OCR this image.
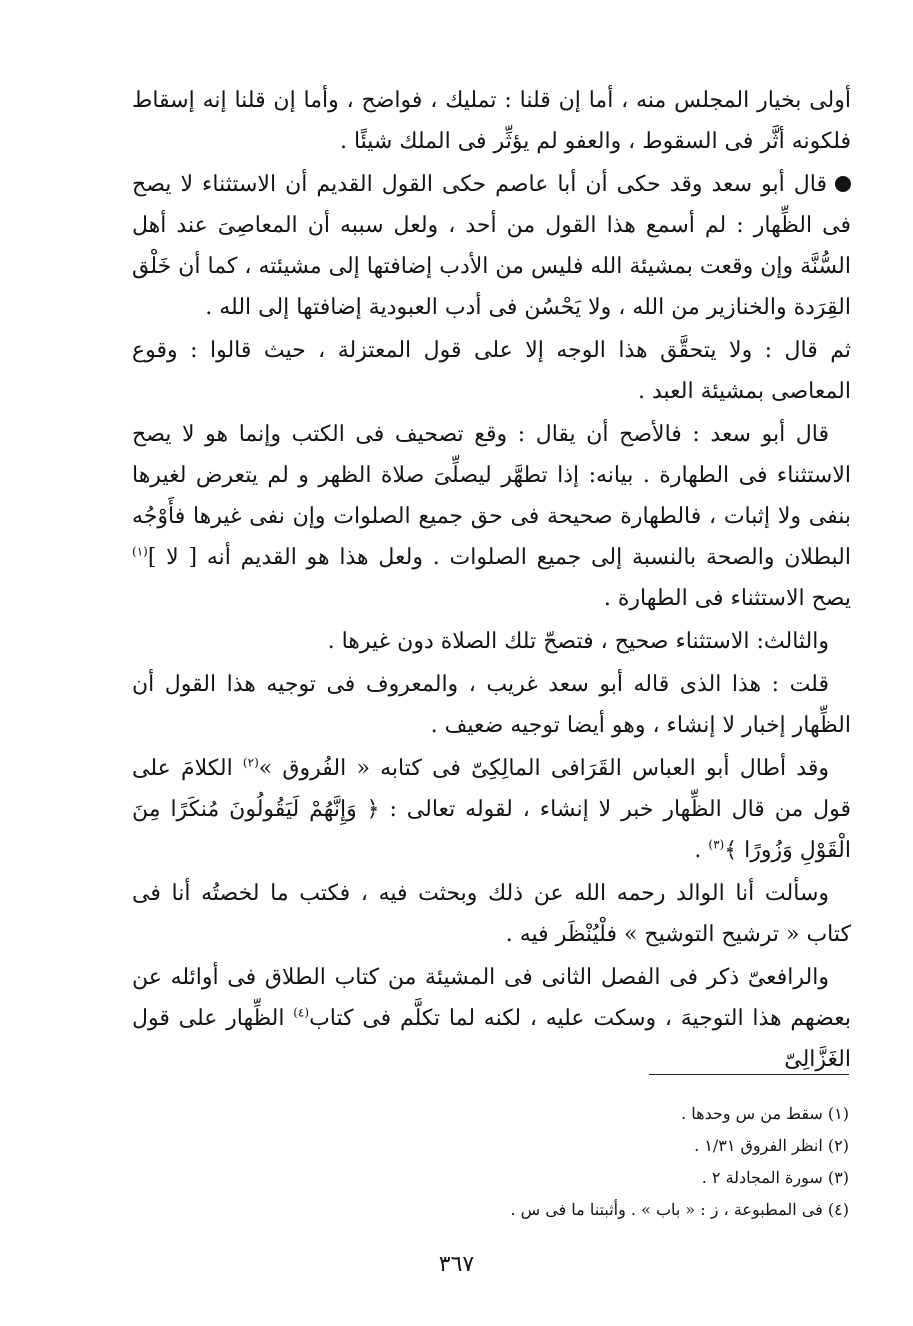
أولى بخيار المجلس منه ، أما إن قلنا : تمليك ، فواضح ، وأما إن قلنا إنه إسقاط فلكونه أثَّر فى السقوط ، والعفو لم يؤثِّر فى الملك شيئًا .

قال أبو سعد وقد حكى أن أبا عاصم حكى القول القديم أن الاستثناء لا يصح فى الظِّهار : لم أسمع هذا القول من أحد ، ولعل سببه أن المعاصِىَ عند أهل السُّنَّة وإن وقعت بمشيئة الله فليس من الأدب إضافتها إلى مشيئته ، كما أن خَلْق القِرَدة والخنازير من الله ، ولا يَحْسُن فى أدب العبودية إضافتها إلى الله .

ثم قال : ولا يتحقَّق هذا الوجه إلا على قول المعتزلة ، حيث قالوا : وقوع المعاصى بمشيئة العبد .

قال أبو سعد : فالأصح أن يقال : وقع تصحيف فى الكتب وإنما هو لا يصح الاستثناء فى الطهارة . بيانه: إذا تطهَّر ليصلِّىَ صلاة الظهر و لم يتعرض لغيرها بنفى ولا إثبات ، فالطهارة صحيحة فى حق جميع الصلوات وإن نفى غيرها فأَوْجُه البطلان والصحة بالنسبة إلى جميع الصلوات . ولعل هذا هو القديم أنه [ لا ]$^{(١)}$ يصح الاستثناء فى الطهارة .

والثالث: الاستثناء صحيح ، فتصحّ تلك الصلاة دون غيرها .

قلت : هذا الذى قاله أبو سعد غريب ، والمعروف فى توجيه هذا القول أن الظِّهار إخبار لا إنشاء ، وهو أيضا توجيه ضعيف .

وقد أطال أبو العباس القَرَافى المالِكِىّ فى كتابه « الفُروق »$^{(٢)}$ الكلامَ على قول من قال الظِّهار خبر لا إنشاء ، لقوله تعالى : ﴿ وَإِنَّهُمْ لَيَقُولُونَ مُنكَرًا مِنَ الْقَوْلِ وَزُورًا ﴾$^{(٣)}$ .

وسألت أنا الوالد رحمه الله عن ذلك وبحثت فيه ، فكتب ما لخصتُه أنا فى كتاب « ترشيح التوشيح » فلْيُنْظَر فيه .

والرافعىّ ذكر فى الفصل الثانى فى المشيئة من كتاب الطلاق فى أوائله عن بعضهم هذا التوجيهَ ، وسكت عليه ، لكنه لما تكلَّم فى كتاب$^{(٤)}$ الظِّهار على قول الغَزَّالِىّ

(١) سقط من س وحدها .

(٢) انظر الفروق ١/٣١ .

(٣) سورة المجادلة ٢ .

(٤) فى المطبوعة ، ز : « باب » . وأثبتنا ما فى س .

٣٦٧
